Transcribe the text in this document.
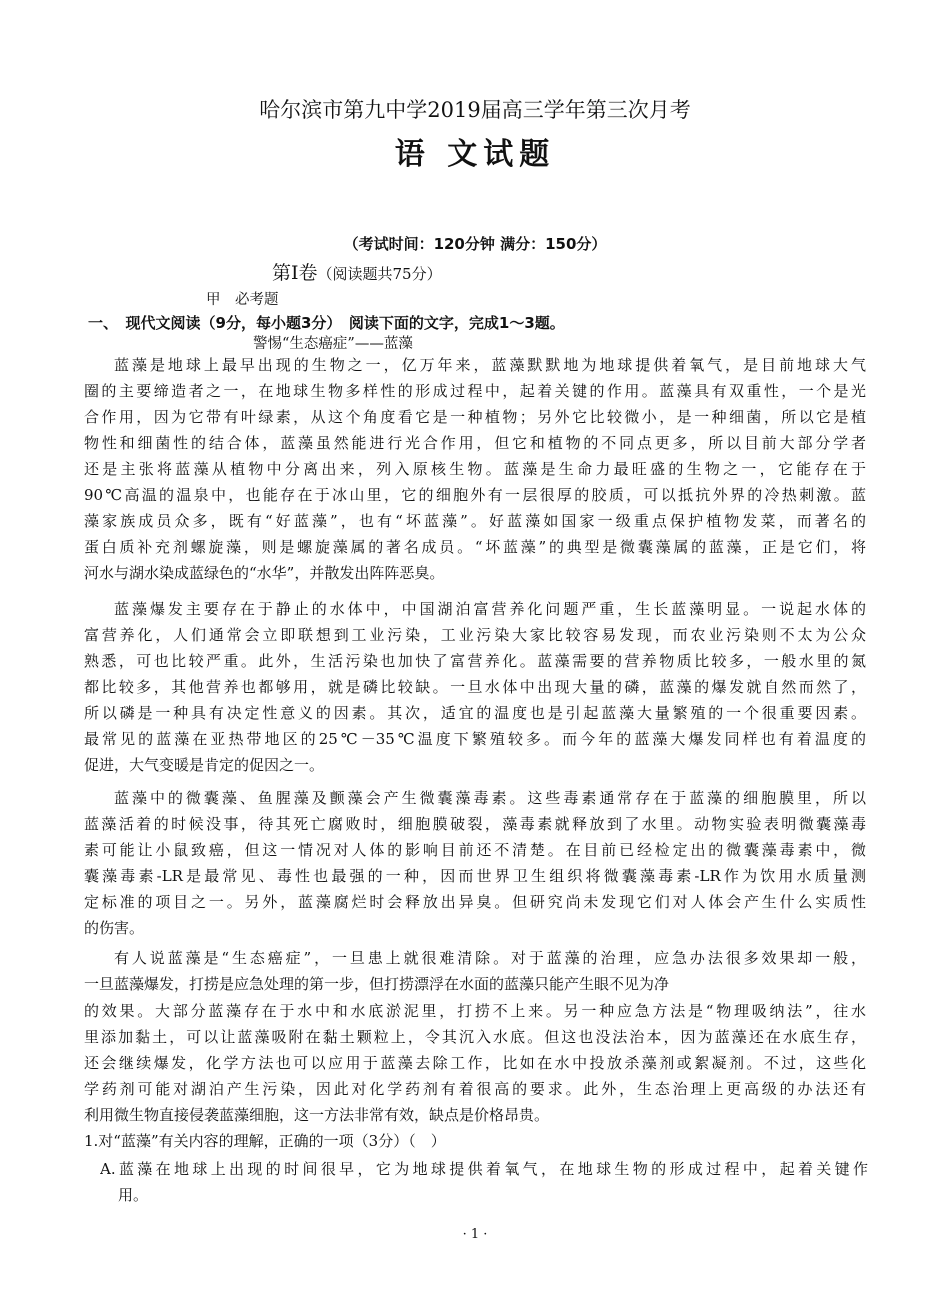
哈尔滨市第九中学2019届高三学年第三次月考
语 文试题
（考试时间：120分钟 满分：150分）
第Ⅰ卷（阅读题共75分）
甲　必考题
一、　现代文阅读（9分，每小题3分）　阅读下面的文字，完成1～3题。
警惕“生态癌症”——蓝藻
蓝藻是地球上最早出现的生物之一，亿万年来，蓝藻默默地为地球提供着氧气，是目前地球大气
圈的主要缔造者之一，在地球生物多样性的形成过程中，起着关键的作用。蓝藻具有双重性，一个是光
合作用，因为它带有叶绿素，从这个角度看它是一种植物；另外它比较微小，是一种细菌，所以它是植
物性和细菌性的结合体，蓝藻虽然能进行光合作用，但它和植物的不同点更多，所以目前大部分学者
还是主张将蓝藻从植物中分离出来，列入原核生物。蓝藻是生命力最旺盛的生物之一，它能存在于
90℃高温的温泉中，也能存在于冰山里，它的细胞外有一层很厚的胶质，可以抵抗外界的冷热刺激。蓝
藻家族成员众多，既有“好蓝藻”，也有“坏蓝藻”。好蓝藻如国家一级重点保护植物发菜，而著名的
蛋白质补充剂螺旋藻，则是螺旋藻属的著名成员。“坏蓝藻”的典型是微囊藻属的蓝藻，正是它们，将
河水与湖水染成蓝绿色的“水华”，并散发出阵阵恶臭。
蓝藻爆发主要存在于静止的水体中，中国湖泊富营养化问题严重，生长蓝藻明显。一说起水体的
富营养化，人们通常会立即联想到工业污染，工业污染大家比较容易发现，而农业污染则不太为公众
熟悉，可也比较严重。此外，生活污染也加快了富营养化。蓝藻需要的营养物质比较多，一般水里的氮
都比较多，其他营养也都够用，就是磷比较缺。一旦水体中出现大量的磷，蓝藻的爆发就自然而然了，
所以磷是一种具有决定性意义的因素。其次，适宜的温度也是引起蓝藻大量繁殖的一个很重要因素。
最常见的蓝藻在亚热带地区的25℃－35℃温度下繁殖较多。而今年的蓝藻大爆发同样也有着温度的
促进，大气变暖是肯定的促因之一。
蓝藻中的微囊藻、鱼腥藻及颤藻会产生微囊藻毒素。这些毒素通常存在于蓝藻的细胞膜里，所以
蓝藻活着的时候没事，待其死亡腐败时，细胞膜破裂，藻毒素就释放到了水里。动物实验表明微囊藻毒
素可能让小鼠致癌，但这一情况对人体的影响目前还不清楚。在目前已经检定出的微囊藻毒素中，微
囊藻毒素-LR是最常见、毒性也最强的一种，因而世界卫生组织将微囊藻毒素-LR作为饮用水质量测
定标准的项目之一。另外，蓝藻腐烂时会释放出异臭。但研究尚未发现它们对人体会产生什么实质性
的伤害。
有人说蓝藻是“生态癌症”，一旦患上就很难清除。对于蓝藻的治理，应急办法很多效果却一般，
一旦蓝藻爆发，打捞是应急处理的第一步，但打捞漂浮在水面的蓝藻只能产生眼不见为净
的效果。大部分蓝藻存在于水中和水底淤泥里，打捞不上来。另一种应急方法是“物理吸纳法”，往水
里添加黏土，可以让蓝藻吸附在黏土颗粒上，令其沉入水底。但这也没法治本，因为蓝藻还在水底生存，
还会继续爆发，化学方法也可以应用于蓝藻去除工作，比如在水中投放杀藻剂或絮凝剂。不过，这些化
学药剂可能对湖泊产生污染，因此对化学药剂有着很高的要求。此外，生态治理上更高级的办法还有
利用微生物直接侵袭蓝藻细胞，这一方法非常有效，缺点是价格昂贵。
1.对“蓝藻”有关内容的理解，正确的一项（3分）（　）
A.蓝藻在地球上出现的时间很早，它为地球提供着氧气，在地球生物的形成过程中，起着关键作
用。
· 1 ·
